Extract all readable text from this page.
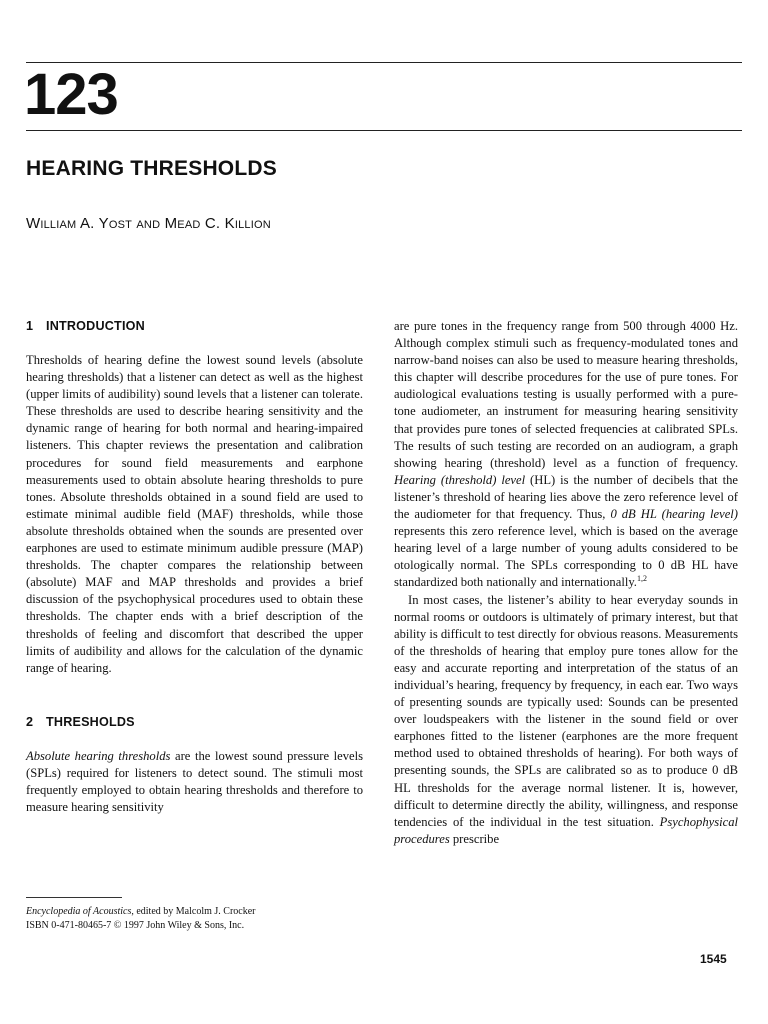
123
HEARING THRESHOLDS
William A. Yost and Mead C. Killion
1 INTRODUCTION

Thresholds of hearing define the lowest sound levels (absolute hearing thresholds) that a listener can detect as well as the highest (upper limits of audibility) sound levels that a listener can tolerate. These thresholds are used to describe hearing sensitivity and the dynamic range of hearing for both normal and hearing-impaired listeners. This chapter reviews the presentation and calibration procedures for sound field measurements and earphone measurements used to obtain absolute hearing thresholds to pure tones. Absolute thresholds obtained in a sound field are used to estimate minimal audible field (MAF) thresholds, while those absolute thresholds obtained when the sounds are presented over earphones are used to estimate minimum audible pressure (MAP) thresholds. The chapter compares the relationship between (absolute) MAF and MAP thresholds and provides a brief discussion of the psychophysical procedures used to obtain these thresholds. The chapter ends with a brief description of the thresholds of feeling and discomfort that described the upper limits of audibility and allows for the calculation of the dynamic range of hearing.

2 THRESHOLDS

Absolute hearing thresholds are the lowest sound pressure levels (SPLs) required for listeners to detect sound. The stimuli most frequently employed to obtain hearing thresholds and therefore to measure hearing sensitivity

are pure tones in the frequency range from 500 through 4000 Hz. Although complex stimuli such as frequency-modulated tones and narrow-band noises can also be used to measure hearing thresholds, this chapter will describe procedures for the use of pure tones. For audiological evaluations testing is usually performed with a pure-tone audiometer, an instrument for measuring hearing sensitivity that provides pure tones of selected frequencies at calibrated SPLs. The results of such testing are recorded on an audiogram, a graph showing hearing (threshold) level as a function of frequency. Hearing (threshold) level (HL) is the number of decibels that the listener’s threshold of hearing lies above the zero reference level of the audiometer for that frequency. Thus, 0 dB HL (hearing level) represents this zero reference level, which is based on the average hearing level of a large number of young adults considered to be otologically normal. The SPLs corresponding to 0 dB HL have standardized both nationally and internationally.$^{1,2}$

In most cases, the listener’s ability to hear everyday sounds in normal rooms or outdoors is ultimately of primary interest, but that ability is difficult to test directly for obvious reasons. Measurements of the thresholds of hearing that employ pure tones allow for the easy and accurate reporting and interpretation of the status of an individual’s hearing, frequency by frequency, in each ear. Two ways of presenting sounds are typically used: Sounds can be presented over loudspeakers with the listener in the sound field or over earphones fitted to the listener (earphones are the more frequent method used to obtained thresholds of hearing). For both ways of presenting sounds, the SPLs are calibrated so as to produce 0 dB HL thresholds for the average normal listener. It is, however, difficult to determine directly the ability, willingness, and response tendencies of the individual in the test situation. Psychophysical procedures prescribe

Encyclopedia of Acoustics, edited by Malcolm J. Crocker
ISBN 0-471-80465-7 © 1997 John Wiley & Sons, Inc.
1545
